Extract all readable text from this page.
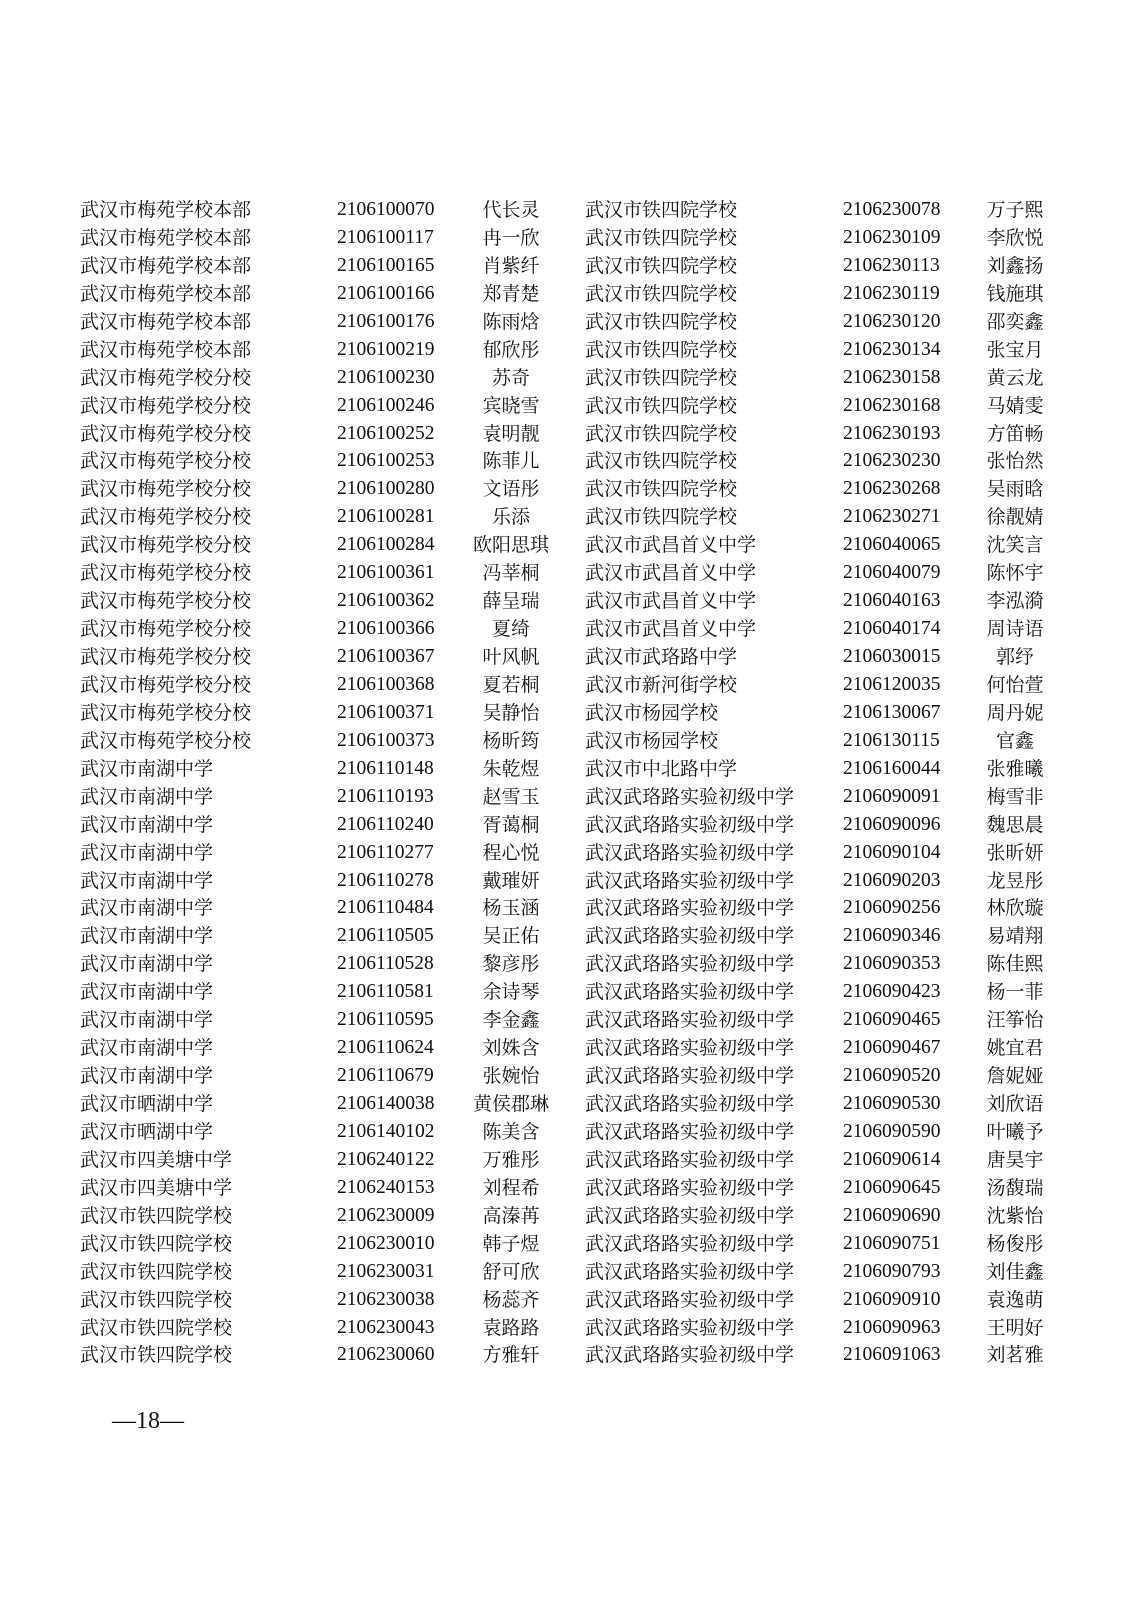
武汉市梅苑学校本部	2106100070	代长灵	武汉市铁四院学校	2106230078	万子熙
武汉市梅苑学校本部	2106100117	冉一欣	武汉市铁四院学校	2106230109	李欣悦
武汉市梅苑学校本部	2106100165	肖紫纤	武汉市铁四院学校	2106230113	刘鑫扬
武汉市梅苑学校本部	2106100166	郑青楚	武汉市铁四院学校	2106230119	钱施琪
武汉市梅苑学校本部	2106100176	陈雨焓	武汉市铁四院学校	2106230120	邵奕鑫
武汉市梅苑学校本部	2106100219	郁欣彤	武汉市铁四院学校	2106230134	张宝月
武汉市梅苑学校分校	2106100230	苏奇	武汉市铁四院学校	2106230158	黄云龙
武汉市梅苑学校分校	2106100246	宾晓雪	武汉市铁四院学校	2106230168	马婧雯
武汉市梅苑学校分校	2106100252	袁明靓	武汉市铁四院学校	2106230193	方笛畅
武汉市梅苑学校分校	2106100253	陈菲儿	武汉市铁四院学校	2106230230	张怡然
武汉市梅苑学校分校	2106100280	文语彤	武汉市铁四院学校	2106230268	吴雨晗
武汉市梅苑学校分校	2106100281	乐添	武汉市铁四院学校	2106230271	徐靓婧
武汉市梅苑学校分校	2106100284 欧阳思琪 武汉市武昌首义中学	2106040065	沈笑言
武汉市梅苑学校分校	2106100361	冯莘桐	武汉市武昌首义中学	2106040079	陈怀宇
武汉市梅苑学校分校	2106100362	薛呈瑞	武汉市武昌首义中学	2106040163	李泓漪
武汉市梅苑学校分校	2106100366	夏绮	武汉市武昌首义中学	2106040174	周诗语
武汉市梅苑学校分校	2106100367	叶风帆	武汉市武珞路中学	2106030015	郭纾
武汉市梅苑学校分校	2106100368	夏若桐	武汉市新河街学校	2106120035	何怡萱
武汉市梅苑学校分校	2106100371	吴静怡	武汉市杨园学校	2106130067	周丹妮
武汉市梅苑学校分校	2106100373	杨昕筠	武汉市杨园学校	2106130115	官鑫
武汉市南湖中学	2106110148	朱乾煜	武汉市中北路中学	2106160044	张雅曦
武汉市南湖中学	2106110193	赵雪玉	武汉武珞路实验初级中学	2106090091	梅雪非
武汉市南湖中学	2106110240	胥蔼桐	武汉武珞路实验初级中学	2106090096	魏思晨
武汉市南湖中学	2106110277	程心悦	武汉武珞路实验初级中学	2106090104	张昕妍
武汉市南湖中学	2106110278	戴璀妍	武汉武珞路实验初级中学	2106090203	龙昱彤
武汉市南湖中学	2106110484	杨玉涵	武汉武珞路实验初级中学	2106090256	林欣璇
武汉市南湖中学	2106110505	吴正佑	武汉武珞路实验初级中学	2106090346	易靖翔
武汉市南湖中学	2106110528	黎彦彤	武汉武珞路实验初级中学	2106090353	陈佳熙
武汉市南湖中学	2106110581	余诗琴	武汉武珞路实验初级中学	2106090423	杨一菲
武汉市南湖中学	2106110595	李金鑫	武汉武珞路实验初级中学	2106090465	汪筝怡
武汉市南湖中学	2106110624	刘姝含	武汉武珞路实验初级中学	2106090467	姚宜君
武汉市南湖中学	2106110679	张婉怡	武汉武珞路实验初级中学	2106090520	詹妮娅
武汉市晒湖中学	2106140038 黄侯郡琳 武汉武珞路实验初级中学	2106090530	刘欣语
武汉市晒湖中学	2106140102	陈美含	武汉武珞路实验初级中学	2106090590	叶曦予
武汉市四美塘中学	2106240122	万雅彤	武汉武珞路实验初级中学	2106090614	唐昊宇
武汉市四美塘中学	2106240153	刘程希	武汉武珞路实验初级中学	2106090645	汤馥瑞
武汉市铁四院学校	2106230009	高溱苒	武汉武珞路实验初级中学	2106090690	沈紫怡
武汉市铁四院学校	2106230010	韩子煜	武汉武珞路实验初级中学	2106090751	杨俊彤
武汉市铁四院学校	2106230031	舒可欣	武汉武珞路实验初级中学	2106090793	刘佳鑫
武汉市铁四院学校	2106230038	杨蕊齐	武汉武珞路实验初级中学	2106090910	袁逸萌
武汉市铁四院学校	2106230043	袁路路	武汉武珞路实验初级中学	2106090963	王明好
武汉市铁四院学校	2106230060	方雅轩	武汉武珞路实验初级中学	2106091063	刘茗雅
—18—
